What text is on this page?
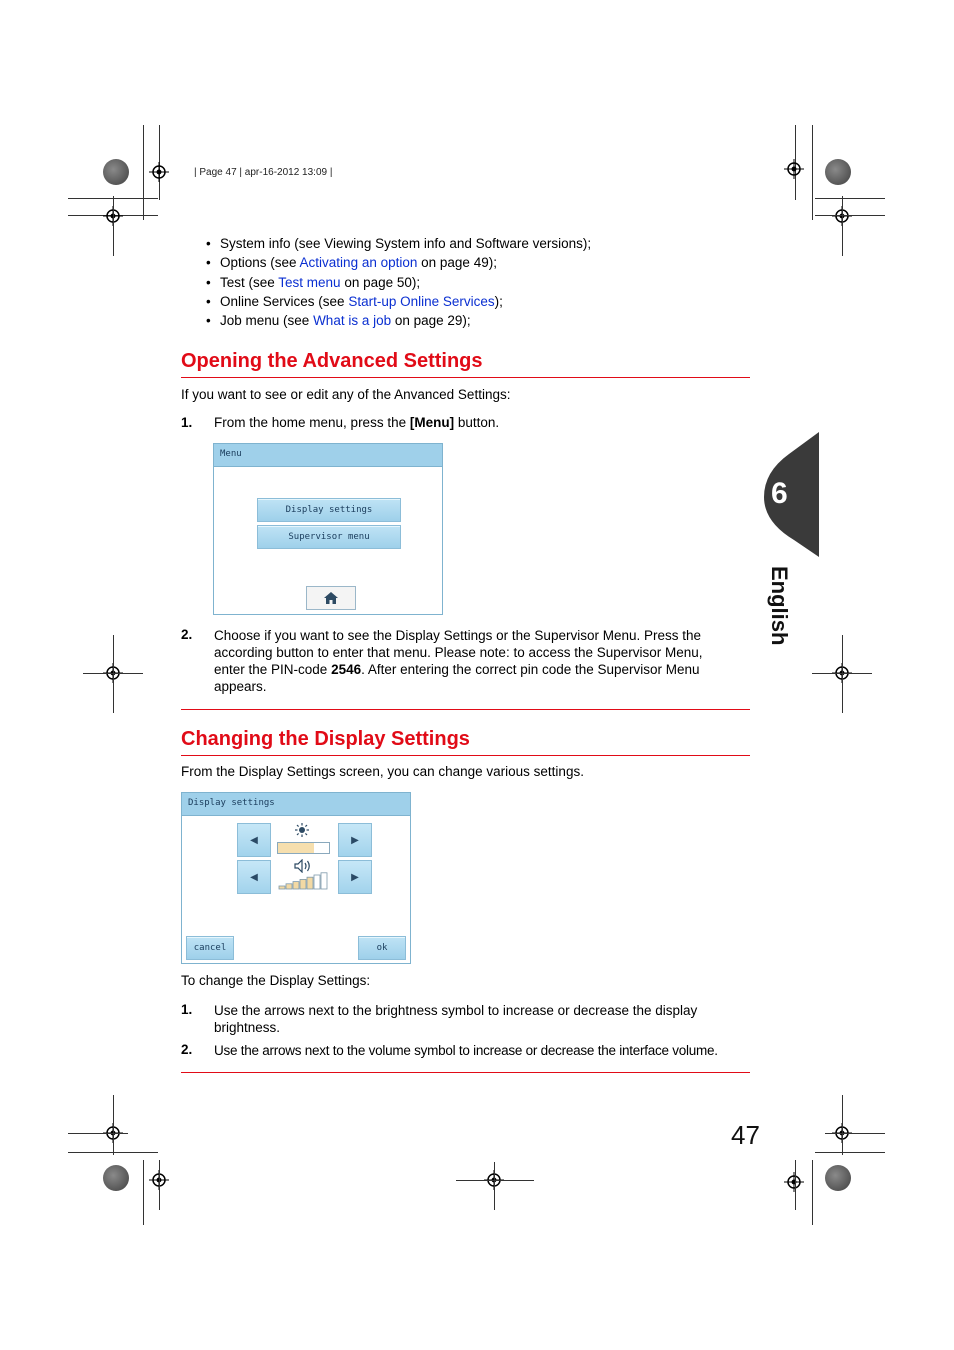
| Page 47 | apr-16-2012 13:09 |
• System info (see Viewing System info and Software versions);
• Options (see Activating an option on page 49);
• Test (see Test menu on page 50);
• Online Services (see Start-up Online Services);
• Job menu (see What is a job on page 29);
Opening the Advanced Settings
If you want to see or edit any of the Anvanced Settings:
1. From the home menu, press the [Menu] button.
Menu
Display settings
Supervisor menu
2. Choose if you want to see the Display Settings or the Supervisor Menu. Press the
according button to enter that menu. Please note: to access the Supervisor Menu,
enter the PIN-code 2546. After entering the correct pin code the Supervisor Menu
appears.
Changing the Display Settings
From the Display Settings screen, you can change various settings.
Display settings
◀	▶
◀	▶
cancel	ok
To change the Display Settings:
1. Use the arrows next to the brightness symbol to increase or decrease the display
brightness.
2. Use the arrows next to the volume symbol to increase or decrease the interface volume.
6
English
47
